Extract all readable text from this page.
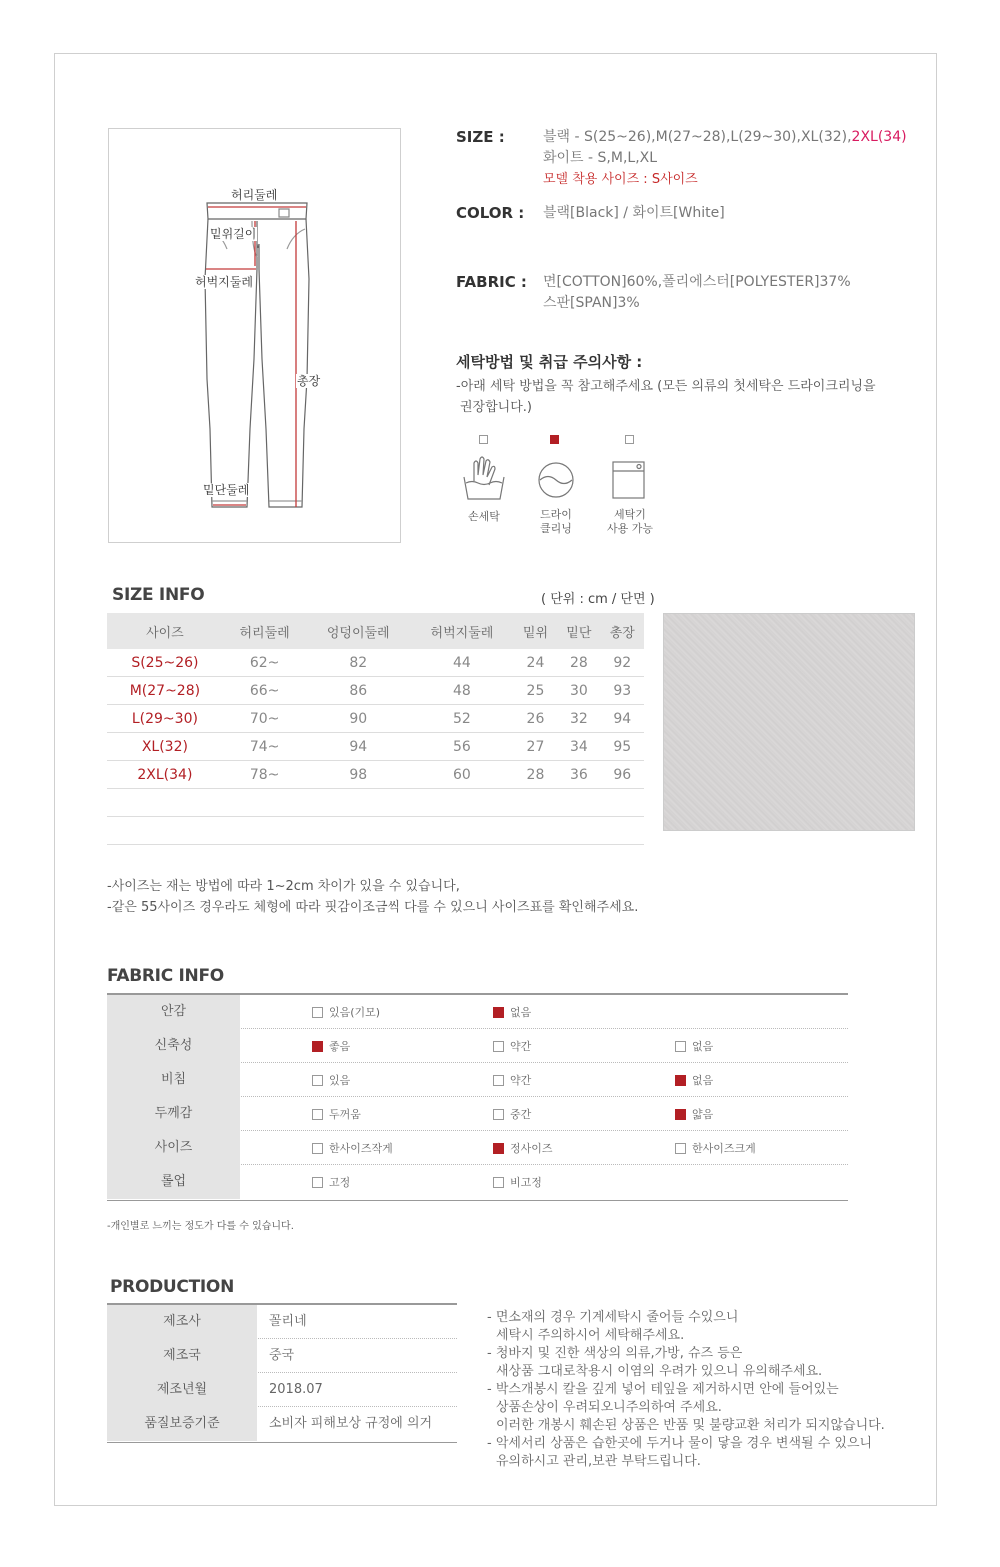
허리둘레
밑위길이
허벅지둘레
총장
밑단둘레
SIZE :	블랙 - S(25~26),M(27~28),L(29~30),XL(32),2XL(34)
화이트 - S,M,L,XL
모델 착용 사이즈 : S사이즈
COLOR : 블랙[Black] / 화이트[White]
FABRIC : 면[COTTON]60%,폴리에스터[POLYESTER]37%
스판[SPAN]3%
세탁방법 및 취급 주의사항 :
-아래 세탁 방법을 꼭 참고해주세요 (모든 의류의 첫세탁은 드라이크리닝을
권장합니다.)
손세탁	드라이
클리닝
세탁기
사용 가능
SIZE INFO	( 단위 : cm / 단면 )
사이즈	허리둘레	엉덩이둘레	허벅지둘레	밑위	밑단	총장
S(25~26)	62~	82	44	24	28	92
M(27~28)	66~	86	48	25	30	93
L(29~30)	70~	90	52	26	32	94
XL(32)	74~	94	56	27	34	95
2XL(34)	78~	98	60	28	36	96

-사이즈는 재는 방법에 따라 1~2cm 차이가 있을 수 있습니다,
-같은 55사이즈 경우라도 체형에 따라 핏감이조금씩 다를 수 있으니 사이즈표를 확인해주세요.
FABRIC INFO
안감	있음(기모)	없음
신축성	좋음	약간	없음
비침	있음	약간	없음
두께감	두꺼움	중간	얇음
사이즈	한사이즈작게	정사이즈	한사이즈크게
롤업	고정	비고정
-개인별로 느끼는 정도가 다를 수 있습니다.
PRODUCTION
제조사	꼴리네
제조국	중국
제조년월	2018.07
품질보증기준	소비자 피해보상 규정에 의거
- 면소재의 경우 기계세탁시 줄어들 수있으니
세탁시 주의하시어 세탁해주세요.
- 청바지 및 진한 색상의 의류,가방, 슈즈 등은
새상품 그대로착용시 이염의 우려가 있으니 유의해주세요.
- 박스개봉시 칼을 깊게 넣어 테잎을 제거하시면 안에 들어있는
상품손상이 우려되오니주의하여 주세요.
이러한 개봉시 훼손된 상품은 반품 및 불량교환 처리가 되지않습니다.
- 악세서리 상품은 습한곳에 두거나 물이 닿을 경우 변색될 수 있으니
유의하시고 관리,보관 부탁드립니다.
